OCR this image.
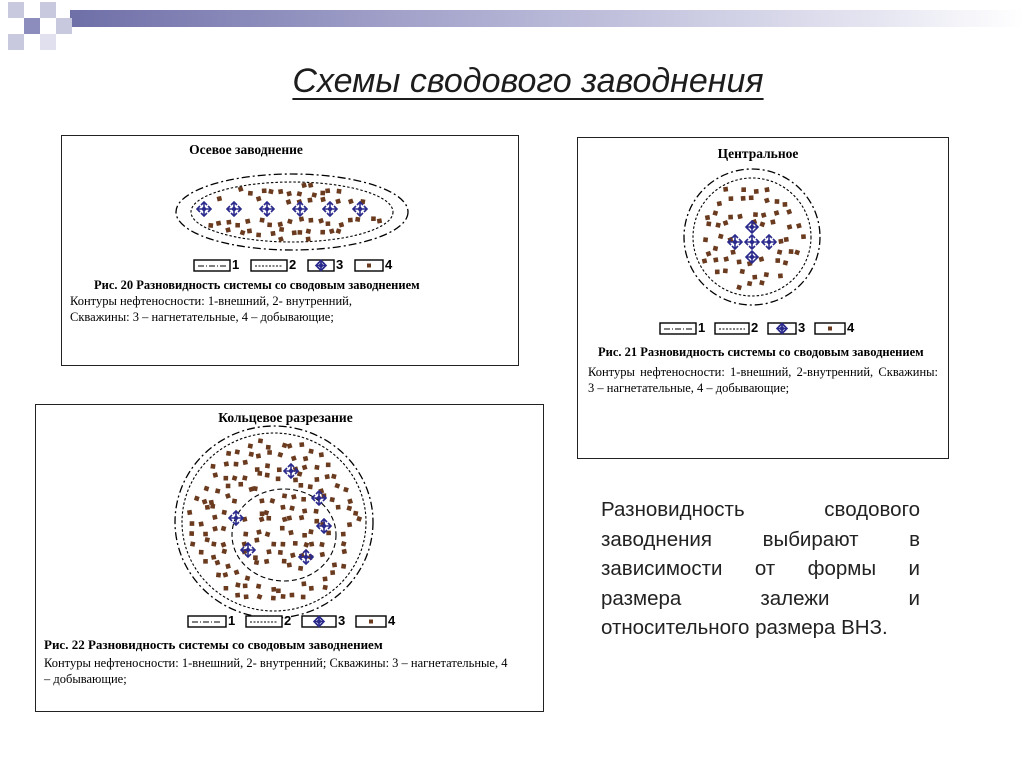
Схемы сводового заводнения
1	2	3	4
Осевое заводнение
Рис. 20 Разновидность системы со сводовым заводнением
Контуры нефтеносности: 1-внешний, 2- внутренний,
Скважины: 3 – нагнетательные, 4 – добывающие;
1	2	3	4
Центральное
Рис. 21 Разновидность системы со сводовым заводнением
Контуры нефтеносности: 1-внешний, 2-внутренний, Скважины: 3 – нагнетательные, 4 – добывающие;
1	2	3	4
Кольцевое разрезание
Рис. 22 Разновидность системы со сводовым заводнением
Контуры нефтеносности: 1-внешний, 2- внутренний; Скважины: 3 – нагнетательные, 4 – добывающие;
Разновидность сводового заводнения выбирают в зависимости от формы и размера залежи и относительного размера ВНЗ.
